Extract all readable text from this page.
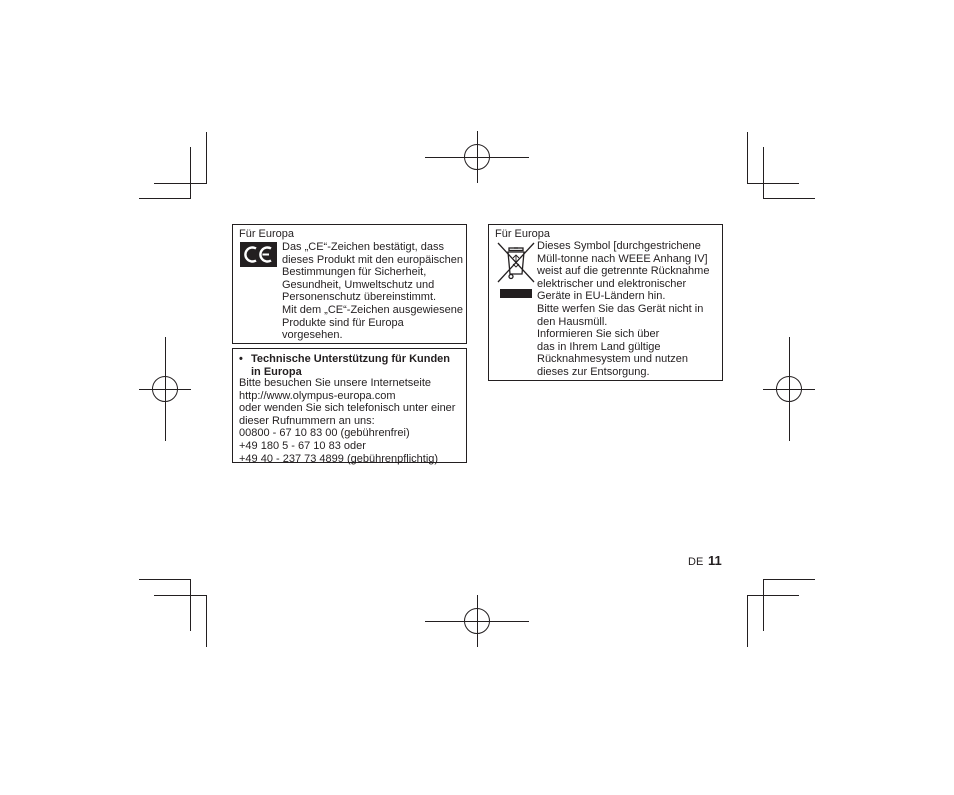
Für Europa
Das „CE“-Zeichen bestätigt, dass
dieses Produkt mit den europäischen
Bestimmungen für Sicherheit,
Gesundheit, Umweltschutz und
Personenschutz übereinstimmt.
Mit dem „CE“-Zeichen ausgewiesene
Produkte sind für Europa
vorgesehen.

• Technische Unterstützung für Kunden
in Europa

Bitte besuchen Sie unsere Internetseite
http://www.olympus-europa.com
oder wenden Sie sich telefonisch unter einer
dieser Rufnummern an uns:
00800 - 67 10 83 00 (gebührenfrei)
+49 180 5 - 67 10 83 oder
+49 40 - 237 73 4899 (gebührenpflichtig)
Für Europa
Dieses Symbol [durchgestrichene
Müll-tonne nach WEEE Anhang IV]
weist auf die getrennte Rücknahme
elektrischer und elektronischer
Geräte in EU-Ländern hin.
Bitte werfen Sie das Gerät nicht in
den Hausmüll.
Informieren Sie sich über
das in Ihrem Land gültige
Rücknahmesystem und nutzen
dieses zur Entsorgung.
DE 11
